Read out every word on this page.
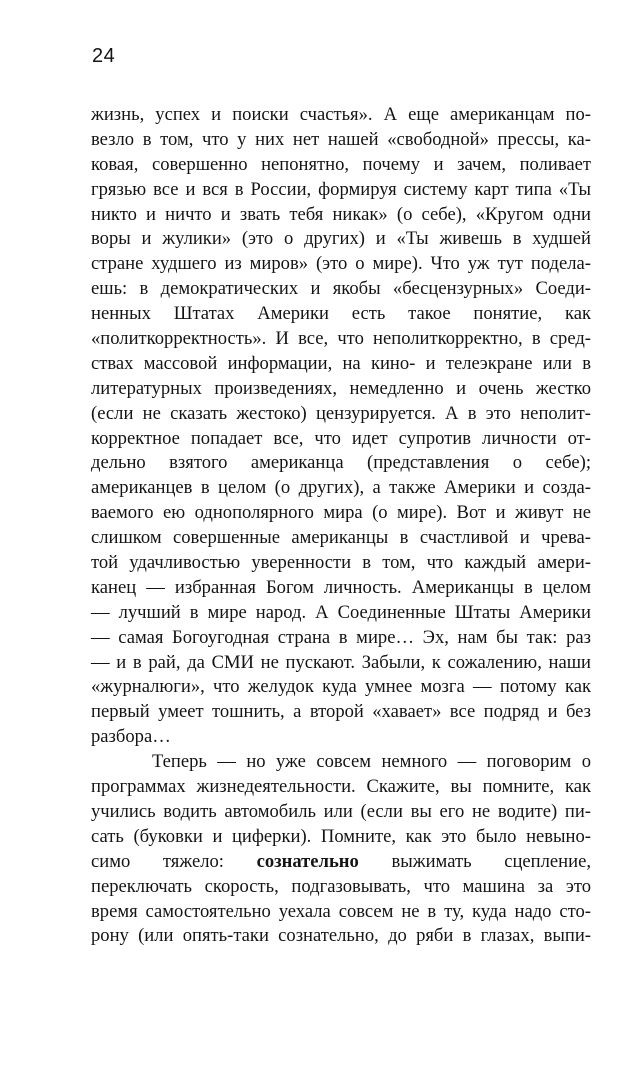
24
жизнь, успех и поиски счастья». А еще американцам по-
везло в том, что у них нет нашей «свободной» прессы, ка-
ковая, совершенно непонятно, почему и зачем, поливает
грязью все и вся в России, формируя систему карт типа «Ты
никто и ничто и звать тебя никак» (о себе), «Кругом одни
воры и жулики» (это о других) и «Ты живешь в худшей
стране худшего из миров» (это о мире). Что уж тут подела-
ешь: в демократических и якобы «бесцензурных» Соеди-
ненных Штатах Америки есть такое понятие, как
«политкорректность». И все, что неполиткорректно, в сред-
ствах массовой информации, на кино- и телеэкране или в
литературных произведениях, немедленно и очень жестко
(если не сказать жестоко) цензурируется. А в это неполит-
корректное попадает все, что идет супротив личности от-
дельно взятого американца (представления о себе);
американцев в целом (о других), а также Америки и созда-
ваемого ею однополярного мира (о мире). Вот и живут не
слишком совершенные американцы в счастливой и чрева-
той удачливостью уверенности в том, что каждый амери-
канец — избранная Богом личность. Американцы в целом
— лучший в мире народ. А Соединенные Штаты Америки
— самая Богоугодная страна в мире… Эх, нам бы так: раз
— и в рай, да СМИ не пускают. Забыли, к сожалению, наши
«журналюги», что желудок куда умнее мозга — потому как
первый умеет тошнить, а второй «хавает» все подряд и без
разбора…
Теперь — но уже совсем немного — поговорим о
программах жизнедеятельности. Скажите, вы помните, как
учились водить автомобиль или (если вы его не водите) пи-
сать (буковки и циферки). Помните, как это было невыно-
симо тяжело: сознательно выжимать сцепление,
переключать скорость, подгазовывать, что машина за это
время самостоятельно уехала совсем не в ту, куда надо сто-
рону (или опять-таки сознательно, до ряби в глазах, выпи-
